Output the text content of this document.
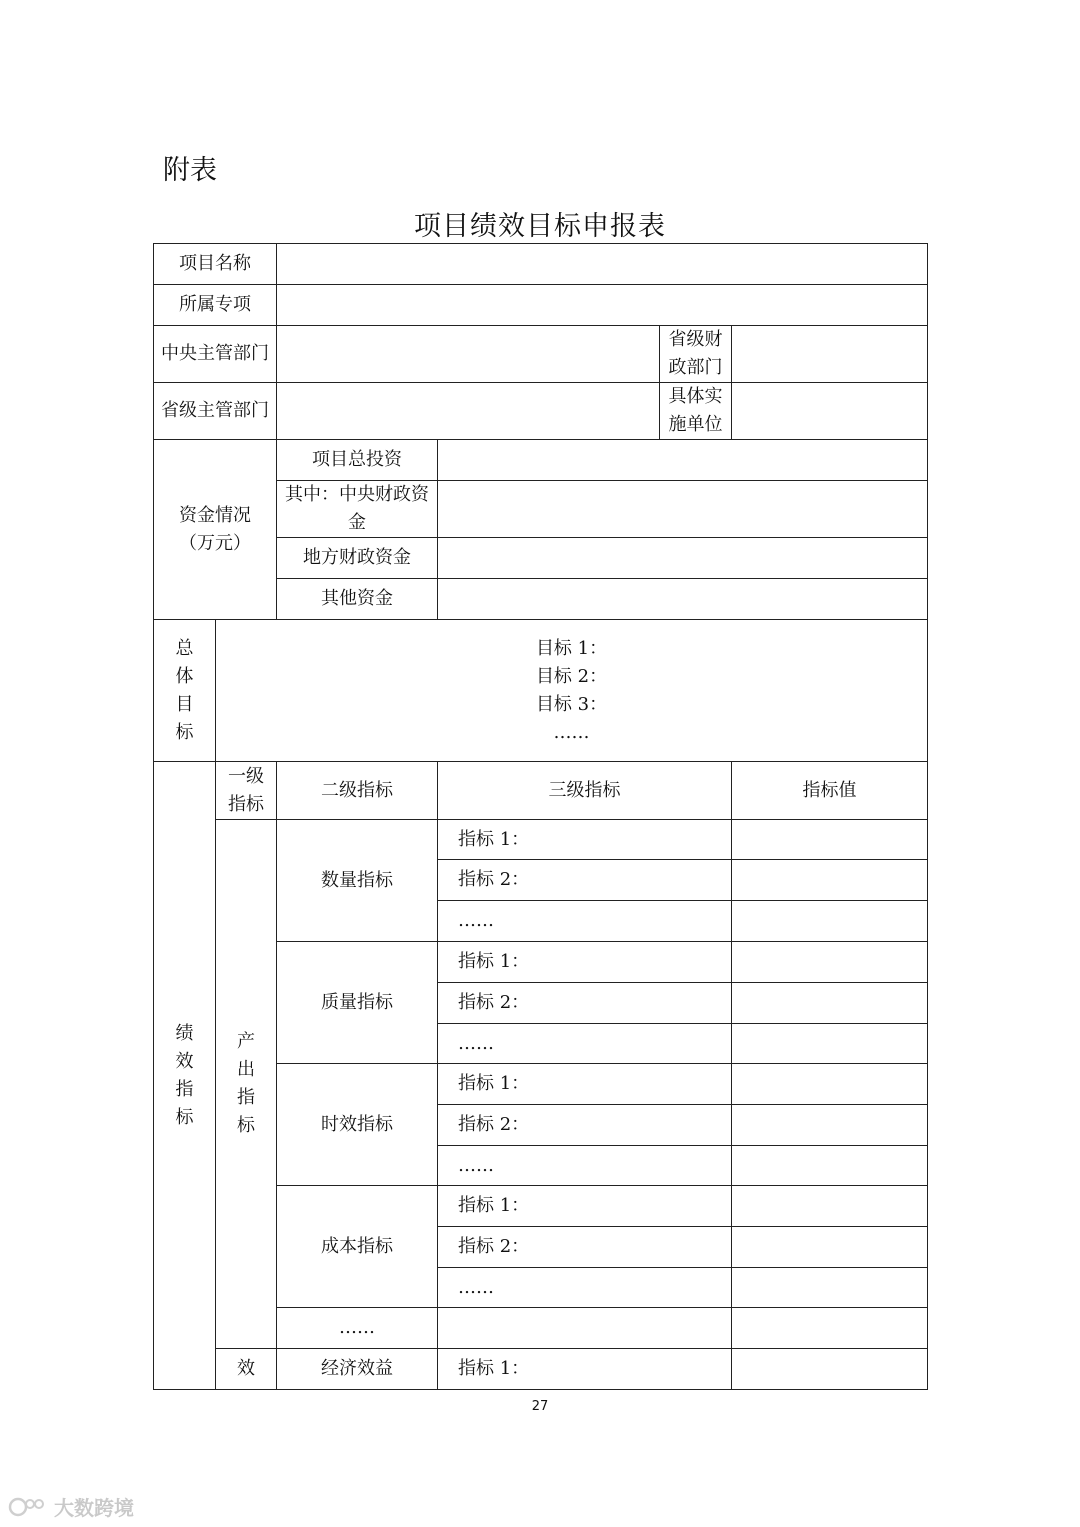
附表
项目绩效目标申报表
项目名称					
所属专项					
中央主管部门				省级财政部门	
省级主管部门				具体实施单位	
资金情况（万元）		项目总投资			
		其中：中央财政资金			
		地方财政资金			
		其他资金			
总体目标	目标 1：
目标 2：
目标 3：
……				

绩效指标	一级指标	二级指标	三级指标		指标值
	产出指标	数量指标	指标 1：		
			指标 2：		
			……		
		质量指标	指标 1：		
			指标 2：		
			……		
		时效指标	指标 1：		
			指标 2：		
			……		
		成本指标	指标 1：		
			指标 2：		
			……		
		……			
	效	经济效益	指标 1：		
27
大数跨境
